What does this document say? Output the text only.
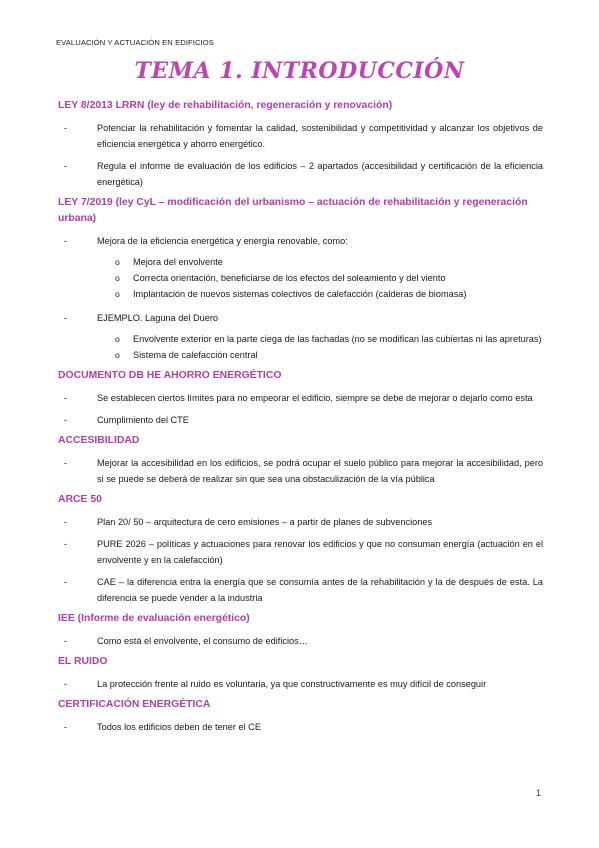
EVALUACIÓN Y ACTUACIÓN EN EDIFICIOS
TEMA 1. INTRODUCCIÓN
LEY 8/2013 LRRN (ley de rehabilitación, regeneración y renovación)
-	Potenciar la rehabilitación y fomentar la calidad, sostenibilidad y competitividad y alcanzar los objetivos de eficiencia energética y ahorro energético.
-	Regula el informe de evaluación de los edificios – 2 apartados (accesibilidad y certificación de la eficiencia energética)
LEY 7/2019 (ley CyL – modificación del urbanismo – actuación de rehabilitación y regeneración urbana)
-	Mejora de la eficiencia energética y energía renovable, como:
o Mejora del envolvente
o Correcta orientación, beneficiarse de los efectos del soleamiento y del viento
o Implantación de nuevos sistemas colectivos de calefacción (calderas de biomasa)
-	EJEMPLO. Laguna del Duero
o Envolvente exterior en la parte ciega de las fachadas (no se modifican las cubiertas ni las apreturas)
o Sistema de calefacción central
DOCUMENTO DB HE AHORRO ENERGÉTICO
-	Se establecen ciertos límites para no empeorar el edificio, siempre se debe de mejorar o dejarlo como esta
-	Cumplimiento del CTE
ACCESIBILIDAD
-	Mejorar la accesibilidad en los edificios, se podrá ocupar el suelo público para mejorar la accesibilidad, pero si se puede se deberá de realizar sin que sea una obstaculización de la vía pública
ARCE 50
-	Plan 20/ 50 – arquitectura de cero emisiones – a partir de planes de subvenciones
-	PURE 2026 – políticas y actuaciones para renovar los edificios y que no consuman energía (actuación en el envolvente y en la calefacción)
-	CAE – la diferencia entra la energía que se consumía antes de la rehabilitación y la de después de esta. La diferencia se puede vender a la industria
IEE (Informe de evaluación energético)
-	Como está el envolvente, el consumo de edificios…
EL RUIDO
-	La protección frente al ruido es voluntaria, ya que constructivamente es muy difícil de conseguir
CERTIFICACIÓN ENERGÉTICA
-	Todos los edificios deben de tener el CE
1
